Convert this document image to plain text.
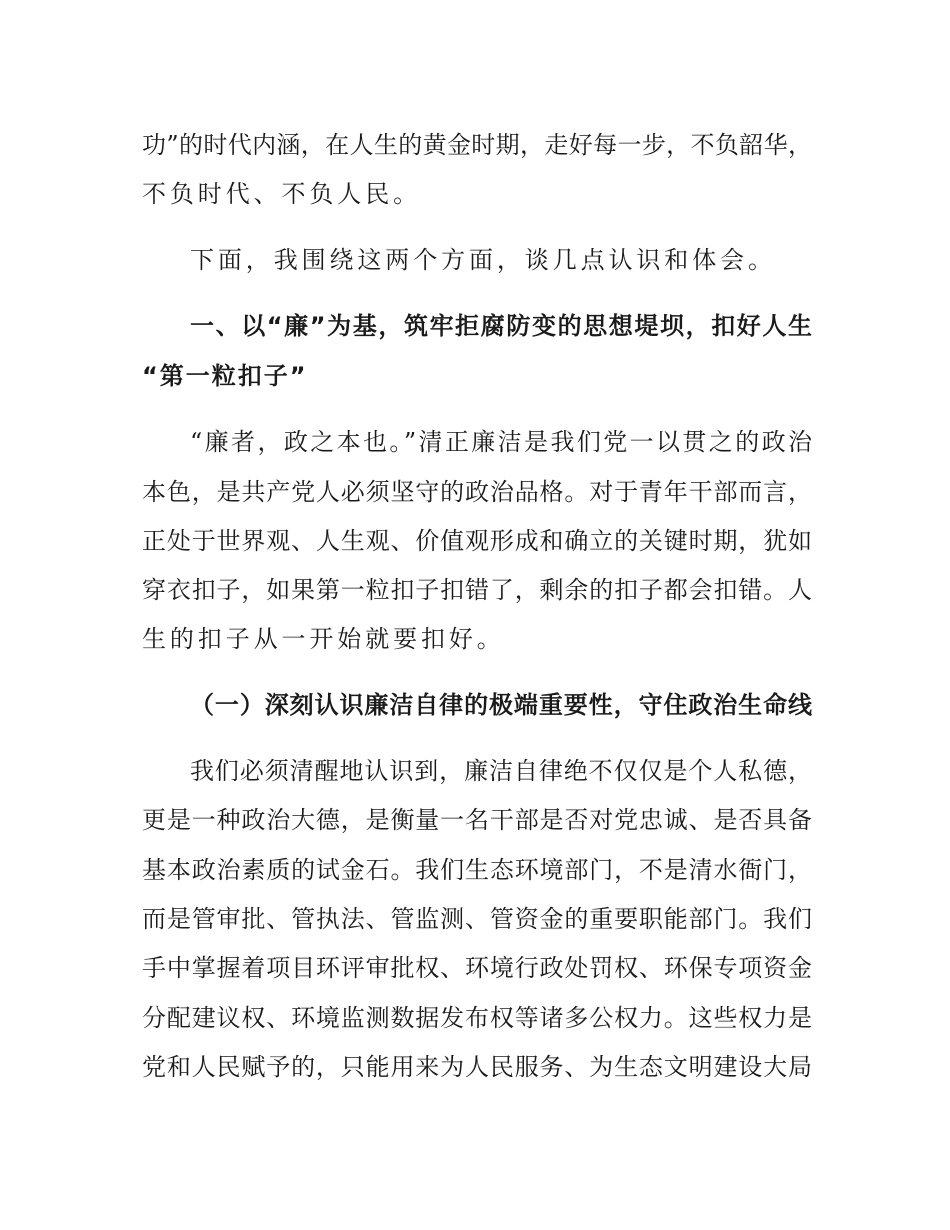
功”的时代内涵，在人生的黄金时期，走好每一步，不负韶华，
不负时代、不负人民。
下面，我围绕这两个方面，谈几点认识和体会。
一、以“廉”为基，筑牢拒腐防变的思想堤坝，扣好人生
“第一粒扣子”
“廉者，政之本也。”清正廉洁是我们党一以贯之的政治
本色，是共产党人必须坚守的政治品格。对于青年干部而言，
正处于世界观、人生观、价值观形成和确立的关键时期，犹如
穿衣扣子，如果第一粒扣子扣错了，剩余的扣子都会扣错。人
生的扣子从一开始就要扣好。
（一）深刻认识廉洁自律的极端重要性，守住政治生命线
我们必须清醒地认识到，廉洁自律绝不仅仅是个人私德，
更是一种政治大德，是衡量一名干部是否对党忠诚、是否具备
基本政治素质的试金石。我们生态环境部门，不是清水衙门，
而是管审批、管执法、管监测、管资金的重要职能部门。我们
手中掌握着项目环评审批权、环境行政处罚权、环保专项资金
分配建议权、环境监测数据发布权等诸多公权力。这些权力是
党和人民赋予的，只能用来为人民服务、为生态文明建设大局
